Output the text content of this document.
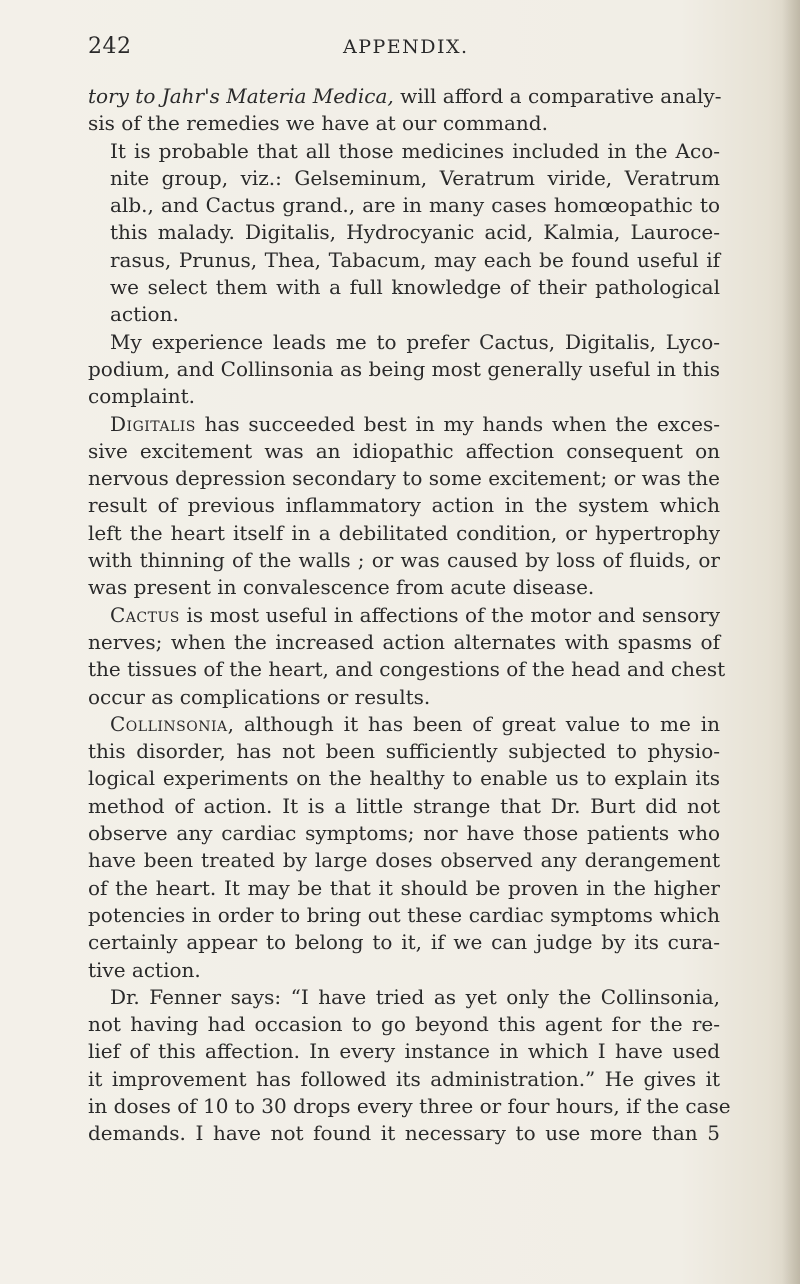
242	APPENDIX.

tory to Jahr's Materia Medica, will afford a comparative analy-
sis of the remedies we have at our command.

It is probable that all those medicines included in the Aco-
nite group, viz.: Gelseminum, Veratrum viride, Veratrum
alb., and Cactus grand., are in many cases homœopathic to
this malady. Digitalis, Hydrocyanic acid, Kalmia, Lauroce-
rasus, Prunus, Thea, Tabacum, may each be found useful if
we select them with a full knowledge of their pathological
action.

My experience leads me to prefer Cactus, Digitalis, Lyco-
podium, and Collinsonia as being most generally useful in this
complaint.

Digitalis has succeeded best in my hands when the exces-
sive excitement was an idiopathic affection consequent on
nervous depression secondary to some excitement; or was the
result of previous inflammatory action in the system which
left the heart itself in a debilitated condition, or hypertrophy
with thinning of the walls ; or was caused by loss of fluids, or
was present in convalescence from acute disease.

Cactus is most useful in affections of the motor and sensory
nerves; when the increased action alternates with spasms of
the tissues of the heart, and congestions of the head and chest
occur as complications or results.

Collinsonia, although it has been of great value to me in
this disorder, has not been sufficiently subjected to physio-
logical experiments on the healthy to enable us to explain its
method of action. It is a little strange that Dr. Burt did not
observe any cardiac symptoms; nor have those patients who
have been treated by large doses observed any derangement
of the heart. It may be that it should be proven in the higher
potencies in order to bring out these cardiac symptoms which
certainly appear to belong to it, if we can judge by its cura-
tive action.

Dr. Fenner says: “I have tried as yet only the Collinsonia,
not having had occasion to go beyond this agent for the re-
lief of this affection. In every instance in which I have used
it improvement has followed its administration.” He gives it
in doses of 10 to 30 drops every three or four hours, if the case
demands. I have not found it necessary to use more than 5
